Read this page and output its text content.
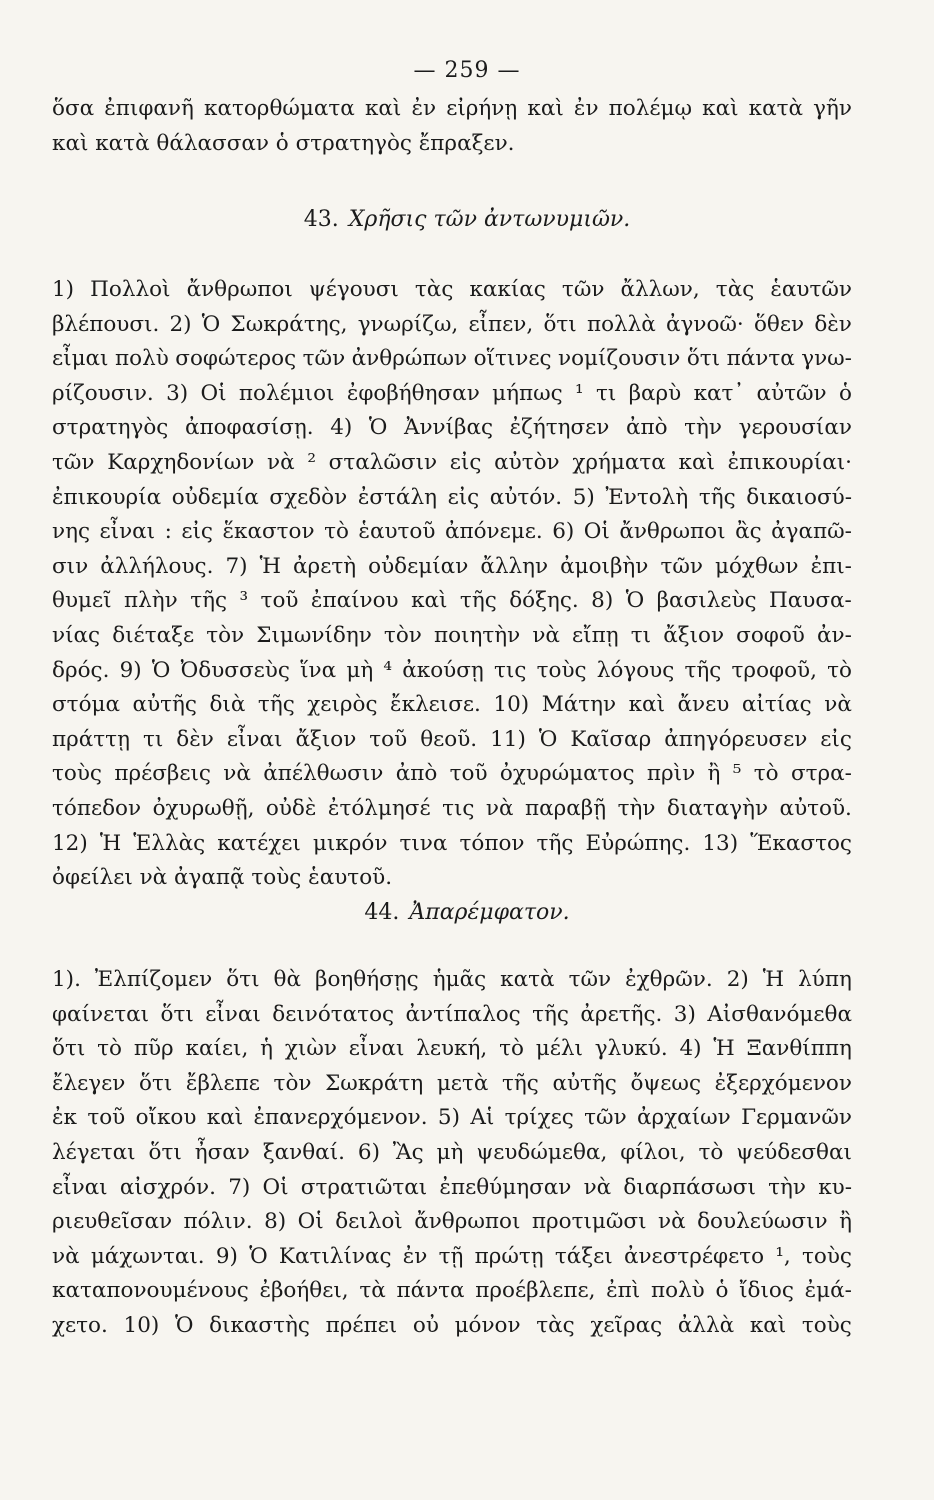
— 259 —
ὅσα ἐπιφανῆ κατορθώματα καὶ ἐν εἰρήνῃ καὶ ἐν πολέμῳ καὶ κατὰ γῆν
καὶ κατὰ θάλασσαν ὁ στρατηγὸς ἔπραξεν.
43. Χρῆσις τῶν ἀντωνυμιῶν.
1) Πολλοὶ ἄνθρωποι ψέγουσι τὰς κακίας τῶν ἄλλων, τὰς ἑαυτῶν
βλέπουσι. 2) Ὁ Σωκράτης, γνωρίζω, εἶπεν, ὅτι πολλὰ ἀγνοῶ· ὅθεν δὲν
εἶμαι πολὺ σοφώτερος τῶν ἀνθρώπων οἵτινες νομίζουσιν ὅτι πάντα γνω-
ρίζουσιν. 3) Οἱ πολέμιοι ἐφοβήθησαν μήπως ¹ τι βαρὺ κατ᾽ αὐτῶν ὁ
στρατηγὸς ἀποφασίσῃ. 4) Ὁ Ἀννίβας ἐζήτησεν ἀπὸ τὴν γερουσίαν
τῶν Καρχηδονίων νὰ ² σταλῶσιν εἰς αὐτὸν χρήματα καὶ ἐπικουρίαι·
ἐπικουρία οὐδεμία σχεδὸν ἐστάλη εἰς αὐτόν. 5) Ἐντολὴ τῆς δικαιοσύ-
νης εἶναι : εἰς ἕκαστον τὸ ἑαυτοῦ ἀπόνεμε. 6) Οἱ ἄνθρωποι ἂς ἀγαπῶ-
σιν ἀλλήλους. 7) Ἡ ἀρετὴ οὐδεμίαν ἄλλην ἀμοιβὴν τῶν μόχθων ἐπι-
θυμεῖ πλὴν τῆς ³ τοῦ ἐπαίνου καὶ τῆς δόξης. 8) Ὁ βασιλεὺς Παυσα-
νίας διέταξε τὸν Σιμωνίδην τὸν ποιητὴν νὰ εἴπῃ τι ἄξιον σοφοῦ ἀν-
δρός. 9) Ὁ Ὀδυσσεὺς ἵνα μὴ ⁴ ἀκούσῃ τις τοὺς λόγους τῆς τροφοῦ, τὸ
στόμα αὐτῆς διὰ τῆς χειρὸς ἔκλεισε. 10) Μάτην καὶ ἄνευ αἰτίας νὰ
πράττῃ τι δὲν εἶναι ἄξιον τοῦ θεοῦ. 11) Ὁ Καῖσαρ ἀπηγόρευσεν εἰς
τοὺς πρέσβεις νὰ ἀπέλθωσιν ἀπὸ τοῦ ὀχυρώματος πρὶν ἢ ⁵ τὸ στρα-
τόπεδον ὀχυρωθῇ, οὐδὲ ἐτόλμησέ τις νὰ παραβῇ τὴν διαταγὴν αὐτοῦ.
12) Ἡ Ἑλλὰς κατέχει μικρόν τινα τόπον τῆς Εὐρώπης. 13) Ἕκαστος
ὀφείλει νὰ ἀγαπᾷ τοὺς ἑαυτοῦ.
44. Ἀπαρέμφατον.
1). Ἐλπίζομεν ὅτι θὰ βοηθήσῃς ἡμᾶς κατὰ τῶν ἐχθρῶν. 2) Ἡ λύπη
φαίνεται ὅτι εἶναι δεινότατος ἀντίπαλος τῆς ἀρετῆς. 3) Αἰσθανόμεθα
ὅτι τὸ πῦρ καίει, ἡ χιὼν εἶναι λευκή, τὸ μέλι γλυκύ. 4) Ἡ Ξανθίππη
ἔλεγεν ὅτι ἔβλεπε τὸν Σωκράτη μετὰ τῆς αὐτῆς ὄψεως ἐξερχόμενον
ἐκ τοῦ οἴκου καὶ ἐπανερχόμενον. 5) Αἱ τρίχες τῶν ἀρχαίων Γερμανῶν
λέγεται ὅτι ἦσαν ξανθαί. 6) Ἂς μὴ ψευδώμεθα, φίλοι, τὸ ψεύδεσθαι
εἶναι αἰσχρόν. 7) Οἱ στρατιῶται ἐπεθύμησαν νὰ διαρπάσωσι τὴν κυ-
ριευθεῖσαν πόλιν. 8) Οἱ δειλοὶ ἄνθρωποι προτιμῶσι νὰ δουλεύωσιν ἢ
νὰ μάχωνται. 9) Ὁ Κατιλίνας ἐν τῇ πρώτῃ τάξει ἀνεστρέφετο ¹, τοὺς
καταπονουμένους ἐβοήθει, τὰ πάντα προέβλεπε, ἐπὶ πολὺ ὁ ἴδιος ἐμά-
χετο. 10) Ὁ δικαστὴς πρέπει οὐ μόνον τὰς χεῖρας ἀλλὰ καὶ τοὺς
